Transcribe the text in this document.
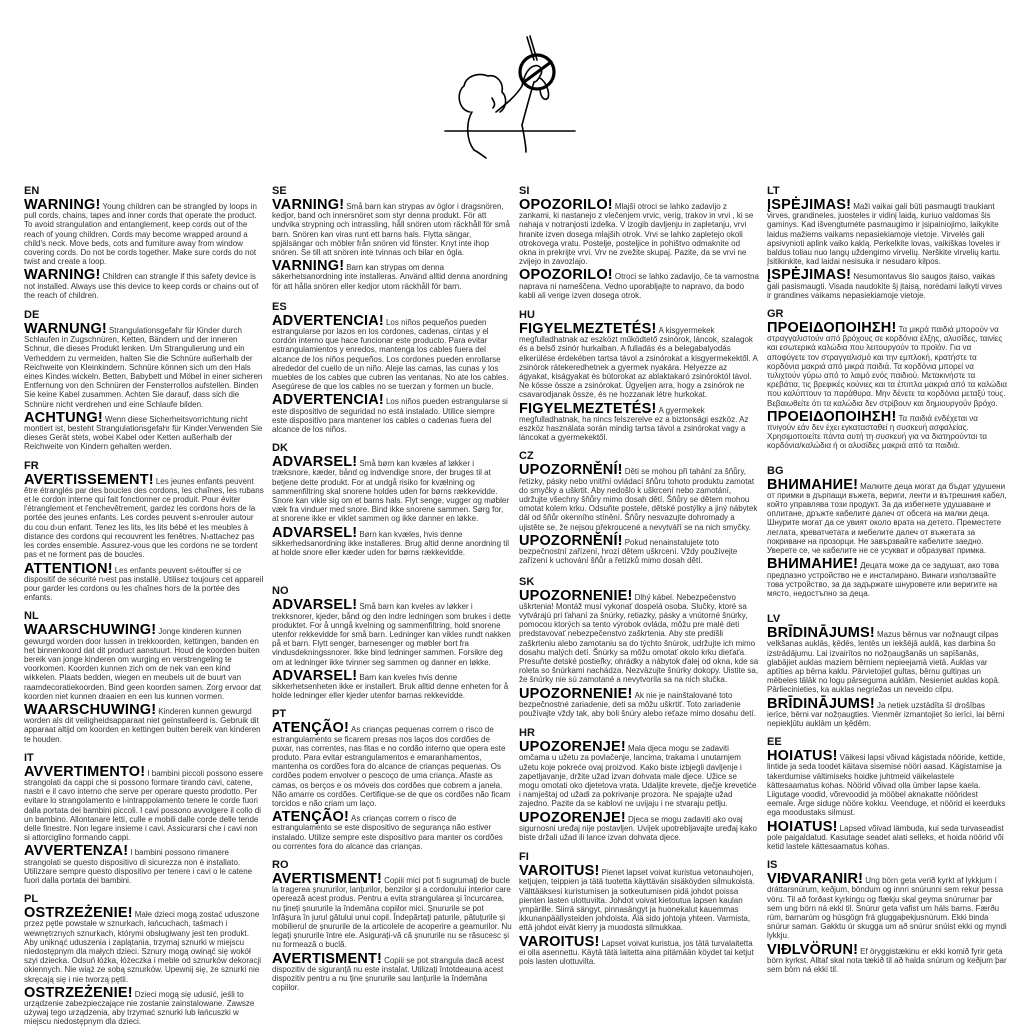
EN
WARNING! Young children can be strangled by loops in pull cords, chains, tapes and inner cords that operate the product. To avoid strangulation and entanglement, keep cords out of the reach of young children. Cords may become wrapped around a child's neck. Move beds, cots and furniture away from window covering cords. Do not be cords together. Make sure cords do not twist and create a loop.
WARNING! Children can strangle if this safety device is not installed. Always use this device to keep cords or chains out of the reach of children.
DE
WARNUNG! Strangulationsgefahr für Kinder durch Schlaufen in Zugschnüren, Ketten, Bändern und der inneren Schnur, die dieses Produkt lenken. Um Strangulierung und ein Verheddern zu vermeiden, halten Sie die Schnüre außerhalb der Reichweite von Kleinkindern. Schnüre können sich um den Hals eines Kindes wickeln. Betten, Babybett und Möbel in einer sicheren Entfernung von den Schnüren der Fensterrollos aufstellen. Binden Sie keine Kabel zusammen. Achten Sie darauf, dass sich die Schnüre nicht verdrehen und eine Schlaufe bilden.
ACHTUNG! Wenn diese Sicherheitsvorrichtung nicht montiert ist, besteht Strangulationsgefahr für Kinder.Verwenden Sie dieses Gerät stets, wobei Kabel oder Ketten außerhalb der Reichweite von Kindern gehalten werden.
FR
AVERTISSEMENT! Les jeunes enfants peuvent être étranglés par des boucles des cordons, les chaînes, les rubans et le cordon interne qui fait fonctionner ce produit. Pour éviter l'étranglement et l'enchevêtrement, gardez les cordons hors de la portée des jeunes enfants. Les cordes peuvent s›enrouler autour du cou d›un enfant. Tenez les lits, les lits bébé et les meubles à distance des cordons qui recouvrent les fenêtres. N›attachez pas les cordes ensemble. Assurez-vous que les cordons ne se tordent pas et ne forment pas de boucles.
ATTENTION! Les enfants peuvent s›étouffer si ce dispositif de sécurité n›est pas installé. Utilisez toujours cet appareil pour garder les cordons ou les chaînes hors de la portée des enfants.
NL
WAARSCHUWING! Jonge kinderen kunnen gewurgd worden door lussen in trekkoorden, kettingen, banden en het binnenkoord dat dit product aanstuurt. Houd de koorden buiten bereik van jonge kinderen om wurging en verstrengeling te voorkomen. Koorden kunnen zich om de nek van een kind wikkelen. Plaats bedden, wiegen en meubels uit de buurt van raamdecoratiekoorden. Bind geen koorden samen. Zorg ervoor dat koorden niet kunnen draaien en een lus kunnen vormen.
WAARSCHUWING! Kinderen kunnen gewurgd worden als dit veiligheidsapparaat niet geïnstalleerd is. Gebruik dit apparaat altijd om koorden en kettingen buiten bereik van kinderen te houden.
IT
AVVERTIMENTO! I bambini piccoli possono essere strangolati da cappi che si possono formare tirando cavi, catene, nastri e il cavo interno che serve per operare questo prodotto. Per evitare lo strangolamento e l›intrappolamento tenere le corde fuori dalla portata dei bambini piccoli. I cavi possono avvolgere il collo di un bambino. Allontanare letti, culle e mobili dalle corde delle tende delle finestre. Non legare insieme i cavi. Assicurarsi che i cavi non si attorciglino formando cappi.
AVVERTENZA! I bambini possono rimanere strangolati se questo dispositivo di sicurezza non è installato. Utilizzare sempre questo dispositivo per tenere i cavi o le catene fuori dalla portata dei bambini.
PL
OSTRZEŻENIE! Małe dzieci mogą zostać uduszone przez pętle powstałe w sznurkach, łańcuchach, taśmach i wewnętrznych sznurkach, którymi obsługiwany jest ten produkt. Aby uniknąć uduszenia i zaplątania, trzymaj sznurki w miejscu niedostępnym dla małych dzieci. Sznury mogą owinąć się wokół szyi dziecka. Odsuń łóżka, łóżeczka i meble od sznurków dekoracji okiennych. Nie wiąż ze sobą sznurków. Upewnij się, że sznurki nie skręcają się i nie tworzą pętli.
OSTRZEŻENIE! Dzieci mogą się udusić, jeśli to urządzenie zabezpieczające nie zostanie zainstalowane. Zawsze używaj tego urządzenia, aby trzymać sznurki lub łańcuszki w miejscu niedostępnym dla dzieci.
SE
VARNING! Små barn kan strypas av öglor i dragsnören, kedjor, band och innersnöret som styr denna produkt. För att undvika strypning och intrassling, håll snören utom räckhåll för små barn. Snören kan viras runt ett barns hals. Flytta sängar, spjälsängar och möbler från snören vid fönster. Knyt inte ihop snören. Se till att snören inte tvinnas och bilar en ögla.
VARNING! Barn kan strypas om denna säkerhetsanordning inte installeras. Använd alltid denna anordning för att hålla snören eller kedjor utom räckhåll för barn.
ES
ADVERTENCIA! Los niños pequeños pueden estrangularse por lazos en los cordones, cadenas, cintas y el cordón interno que hace funcionar este producto. Para evitar estrangulamientos y enredos, mantenga los cables fuera del alcance de los niños pequeños. Los cordones pueden enrollarse alrededor del cuello de un niño. Aleje las camas, las cunas y los muebles de los cables que cubren las ventanas. No ate los cables. Asegúrese de que los cables no se tuerzan y formen un bucle.
ADVERTENCIA! Los niños pueden estrangularse si este dispositivo de seguridad no está instalado. Utilice siempre este dispositivo para mantener los cables o cadenas fuera del alcance de los niños.
DK
ADVARSEL! Små børn kan kvæles af løkker i træksnore, kæder, bånd og indvendige snore, der bruges til at betjene dette produkt. For at undgå risiko for kvælning og sammenfiltring skal snorene holdes uden for børns rækkevidde. Snore kan vikle sig om et barns hals. Flyt senge, vugger og møbler væk fra vinduer med snore. Bind ikke snorene sammen. Sørg for, at snorene ikke er viklet sammen og ikke danner en løkke.
ADVARSEL! Børn kan kvæles, hvis denne sikkerhedsanordning ikke installeres. Brug altid denne anordning til at holde snore eller kæder uden for børns rækkevidde.
NO
ADVARSEL! Små barn kan kveles av løkker i trekksnorer, kjeder, bånd og den indre ledningen som brukes i dette produktet. For å unngå kvelning og sammenfiltring, hold snorene utenfor rekkevidde for små barn. Ledninger kan vikles rundt nakken på et barn. Flytt senger, barnesenger og møbler bort fra vindusdekningssnorer. Ikke bind ledninger sammen. Forsikre deg om at ledninger ikke tvinner seg sammen og danner en løkke.
ADVARSEL! Barn kan kveles hvis denne sikkerhetsenheten ikke er installert. Bruk alltid denne enheten for å holde ledninger eller kjeder utenfor barnas rekkevidde.
PT
ATENÇÃO! As crianças pequenas correm o risco de estrangulamento se ficarem presas nos laços dos cordões de puxar, nas correntes, nas fitas e no cordão interno que opera este produto. Para evitar estrangulamentos e emaranhamentos, mantenha os cordões fora do alcance de crianças pequenas. Os cordões podem envolver o pescoço de uma criança. Afaste as camas, os berços e os móveis dos cordões que cobrem a janela. Não amarre os cordões. Certifique-se de que os cordões não ficam torcidos e não criam um laço.
ATENÇÃO! As crianças correm o risco de estrangulamento se este dispositivo de segurança não estiver instalado. Utilize sempre este dispositivo para manter os cordões ou correntes fora do alcance das crianças.
RO
AVERTISMENT! Copiii mici pot fi sugrumați de bucle la tragerea șnururilor, lanțurilor, benzilor și a cordonului interior care operează acest produs. Pentru a evita strangularea și încurcarea, nu țineți șnururile la îndemâna copiilor mici. Șnururile se pot înfășura în jurul gâtului unui copil. Îndepărtați paturile, pătuțurile și mobilierul de șnururile de la articolele de acoperire a geamurilor. Nu legați șnururile între ele. Asigurați-vă că șnururile nu se răsucesc și nu formează o buclă.
AVERTISMENT! Copiii se pot strangula dacă acest dispozitiv de siguranță nu este instalat. Utilizați întotdeauna acest dispozitiv pentru a nu ține șnururile sau lanțurile la îndemâna copiilor.
SI
OPOZORILO! Mlajši otroci se lahko zadavijo z zankami, ki nastanejo z vlečenjem vrvic, verig, trakov in vrvi , ki se nahaja v notranjosti izdelka. V izogib davljenju in zapletanju, vrvi hranite izven dosega mlajših otrok. Vrvi se lahko zapletejo okoli otrokovega vratu. Postelje, posteljice in pohištvo odmaknite od okna in prekrijte vrvi. Vrv ne zvežite skupaj. Pazite, da se vrvi ne zvijejo in zavozlajo.
OPOZORILO! Otroci se lahko zadavijo, če ta varnostna naprava ni nameščena. Vedno uporabljajte to napravo, da bodo kabli ali verige izven dosega otrok.
HU
FIGYELMEZTETÉS! A kisgyermekek megfulladhatnak az eszközt működtető zsinórok, láncok, szalagok és a belső zsinór hurkaiban. A fulladás és a belegabalyodás elkerülése érdekében tartsa távol a zsinórokat a kisgyermekektől. A zsinórok rátekeredhetnek a gyermek nyakára. Helyezze az ágyakat, kiságyakat és bútorokat az ablaktakaró zsinóroktól távol. Ne kösse össze a zsinórokat. Ügyeljen arra, hogy a zsinórok ne csavarodjanak össze, és ne hozzanak létre hurkokat.
FIGYELMEZTETÉS! A gyermekek megfulladhatnak, ha nincs felszerelve ez a biztonsági eszköz. Az eszköz használata során mindig tartsa távol a zsinórokat vagy a láncokat a gyermekektől.
CZ
UPOZORNĚNÍ! Děti se mohou při tahání za šňůry, řetízky, pásky nebo vnitřní ovládací šňůru tohoto produktu zamotat do smyčky a uškrtit. Aby nedošlo k uškrcení nebo zamotání, udržujte všechny šňůry mimo dosah dětí. Šňůry se dětem mohou omotat kolem krku. Odsuňte postele, dětské postýlky a jiný nábytek dál od šňůr okenního stínění. Šňůry nesvazujte dohromady a ujistěte se, že nejsou překroucené a nevytváří se na nich smyčky.
UPOZORNĚNÍ! Pokud nenainstalujete toto bezpečnostní zařízení, hrozí dětem uškrcení. Vždy používejte zařízení k uchování šňůr a řetízků mimo dosah dětí.
SK
UPOZORNENIE! Dlhý kábel. Nebezpečenstvo uškrtenia! Montáž musí vykonať dospelá osoba. Slučky, ktoré sa vytvárajú pri ťahaní za šnúrky, retiazky, pásky a vnútorné šnúrky, pomocou ktorých sa tento výrobok ovláda, môžu pre malé deti predstavovať nebezpečenstvo zaškrtenia. Aby ste predišli zaškrteniu alebo zamotaniu sa do týchto šnúrok, udržujte ich mimo dosahu malých detí. Šnúrky sa môžu omotať okolo krku dieťaťa. Presuňte detské postieľky, ohrádky a nábytok ďalej od okna, kde sa roleta so šnúrkami nachádza. Nezväzujte šnúrky dokopy. Uistite sa, že šnúrky nie sú zamotané a nevytvorila sa na nich slučka.
UPOZORNENIE! Ak nie je nainštalované toto bezpečnostné zariadenie, deti sa môžu uškrtiť. Toto zariadenie používajte vždy tak, aby boli šnúry alebo reťaze mimo dosahu detí.
HR
UPOZORENJE! Mala djeca mogu se zadaviti omčama u užetu za povlačenje, lancima, trakama i unutarnjem užetu koje pokreće ovaj proizvod. Kako biste izbjegli davljenje i zapetljavanje, držite užad izvan dohvata male djece. Užice se mogu omotati oko djetetova vrata. Udaljite krevete, dječje krevetiće i namještaj od užadi za pokrivanje prozora. Ne spajajte užad zajedno. Pazite da se kablovi ne uvijaju i ne stvaraju petlju.
UPOZORENJE! Djeca se mogu zadaviti ako ovaj sigurnosni uređaj nije postavljen. Uvijek upotrebljavajte uređaj kako biste držali užad ili lance izvan dohvata djece.
FI
VAROITUS! Pienet lapset voivat kuristua vetonauhojen, ketjujen, teippien ja tätä tuotetta käyttävän sisäköyden silmukoista. Välttääksesi kuristumisen ja sotkeutumisen pidä johdot poissa pienten lasten ulottuvilta. Johdot voivat kietoutua lapsen kaulan ympärille. Siirrä sängyt, pinnasängyt ja huonekalut kauemmas ikkunanpäällysteiden johdoista. Älä sido johtoja yhteen. Varmista, että johdot eivät kierry ja muodosta silmukkaa.
VAROITUS! Lapset voivat kuristua, jos tätä turvalaitetta ei olla asennettu. Käytä tätä laitetta aina pitämään köydet tai ketjut pois lasten ulottuvilta.
LT
ĮSPĖJIMAS! Maži vaikai gali būti pasmaugti traukiant virves, grandineles, juosteles ir vidinį laidą, kuriuo valdomas šis gaminys. Kad išvengtumėte pasmaugimo ir įsipainiojimo, laikykite laidus mažiems vaikams nepasiekiamoje vietoje. Virvelės gali apsivynioti aplink vaiko kaklą. Perkelkite lovas, vaikiškas loveles ir baldus toliau nuo langų uždengimo virvelių. Nerškite virvelių kartu. Įsitikinkite, kad laidai nesisuka ir nesudaro kilpos.
ĮSPĖJIMAS! Nesumontavus šio saugos įtaiso, vaikas gali pasismaugti. Visada naudokite šį įtaisą, norėdami laikyti virves ir grandines vaikams nepasiekiamoje vietoje.
GR
ΠΡΟΕΙΔΟΠΟΙΗΣΗ! Τα μικρά παιδιά μπορούν να στραγγαλιστούν από βρόχους σε κορδόνια έλξης, αλυσίδες, ταινίες και εσωτερικά καλώδια που λειτουργούν το προϊόν. Για να αποφύγετε τον στραγγαλισμό και την εμπλοκή, κρατήστε τα κορδόνια μακριά από μικρά παιδιά. Τα κορδόνια μπορεί να τυλιχτούν γύρω από το λαιμό ενός παιδιού. Μετακινήστε τα κρεβάτια, τις βρεφικές κούνιες και τα έπιπλα μακριά από τα καλώδια που καλύπτουν τα παράθυρα. Μην δένετε τα κορδόνια μεταξύ τους. Βεβαιωθείτε ότι τα καλώδια δεν στρίβουν και δημιουργούν βρόχο.
ΠΡΟΕΙΔΟΠΟΙΗΣΗ! Τα παιδιά ενδέχεται να πνιγούν εάν δεν έχει εγκατασταθεί η συσκευή ασφαλείας. Χρησιμοποιείτε πάντα αυτή τη συσκευή για να διατηρούνται τα κορδόνια/καλώδια ή οι αλυσίδες μακριά από τα παιδιά.
BG
ВНИМАНИЕ! Малките деца могат да бъдат удушени от примки в дърпащи въжета, вериги, ленти и вътрешния кабел, който управлява този продукт. За да избегнете удушаване и оплитане, дръжте кабелите далеч от обсега на малки деца. Шнурите могат да се увият около врата на детето. Преместете леглата, креватчетата и мебелите далеч от въжетата за покриване на прозорци. Не завързвайте кабелите заедно. Уверете се, че кабелите не се усукват и образуват примка.
ВНИМАНИЕ! Децата може да се задушат, ако това предпазно устройство не е инсталирано. Винаги използвайте това устройство, за да задържате шнуровете или веригите на място, недостъпно за деца.
LV
BRĪDINĀJUMS! Mazus bērnus var nožnaugt cilpas velkšanas auklās, ķēdēs, lentēs un iekšējā auklā, kas darbina šo izstrādājumu. Lai izvairītos no nožņaugšanās un sapīšanās, glabājiet auklas maziem bērniem nepieejamā vietā. Auklas var aptīties ap bērna kaklu. Pārvietojiet gultas, bērnu gultiņas un mēbeles tālāk no logu pārseguma auklām. Nesieniet auklas kopā. Pārliecinieties, ka auklas negriežas un neveido cilpu.
BRĪDINĀJUMS! Ja netiek uzstādīta šī drošības ierīce, bērni var nožņaugties. Vienmēr izmantojiet šo ierīci, lai bērni nepiekļūtu auklām un ķēdēm.
EE
HOIATUS! Väikesi lapsi võivad kägistada nööride, kettide, lintide ja seda toodet käitava sisemise nööri aasad. Kägistamise ja takerdumise vältimiseks hoidke juhtmeid väikelastele kättesaamatus kohas. Nöörid võivad olla ümber lapse kaela. Liigutage voodid, võrevoodid ja mööbel aknakatte nööridest eemale. Ärge siduge nööre kokku. Veenduge, et nöörid ei keerduks ega moodustaks silmust.
HOIATUS! Lapsed võivad lämbuda, kui seda turvaseadist pole paigaldatud. Kasutage seadet alati selleks, et hoida nöörid või ketid lastele kättesaamatus kohas.
IS
VIÐVARANIR! Ung börn geta verið kyrkt af lykkjum í dráttarsnúrum, keðjum, böndum og innri snúrunni sem rekur þessa vöru. Til að forðast kyrkingu og flækju skal geyma snúrurnar þar sem ung börn ná ekki til. Snúrur geta vafist um háls barns. Færðu rúm, barnarúm og húsgögn frá gluggaþekjusnúrum. Ekki binda snúrur saman. Gakktu úr skugga um að snúrur snúist ekki og myndi lykkju.
VIÐLVÖRUN! Ef öryggistækinu er ekki komið fyrir geta börn kyrkst. Alltaf skal nota tækið til að halda snúrum og keðjum þar sem börn ná ekki til.
